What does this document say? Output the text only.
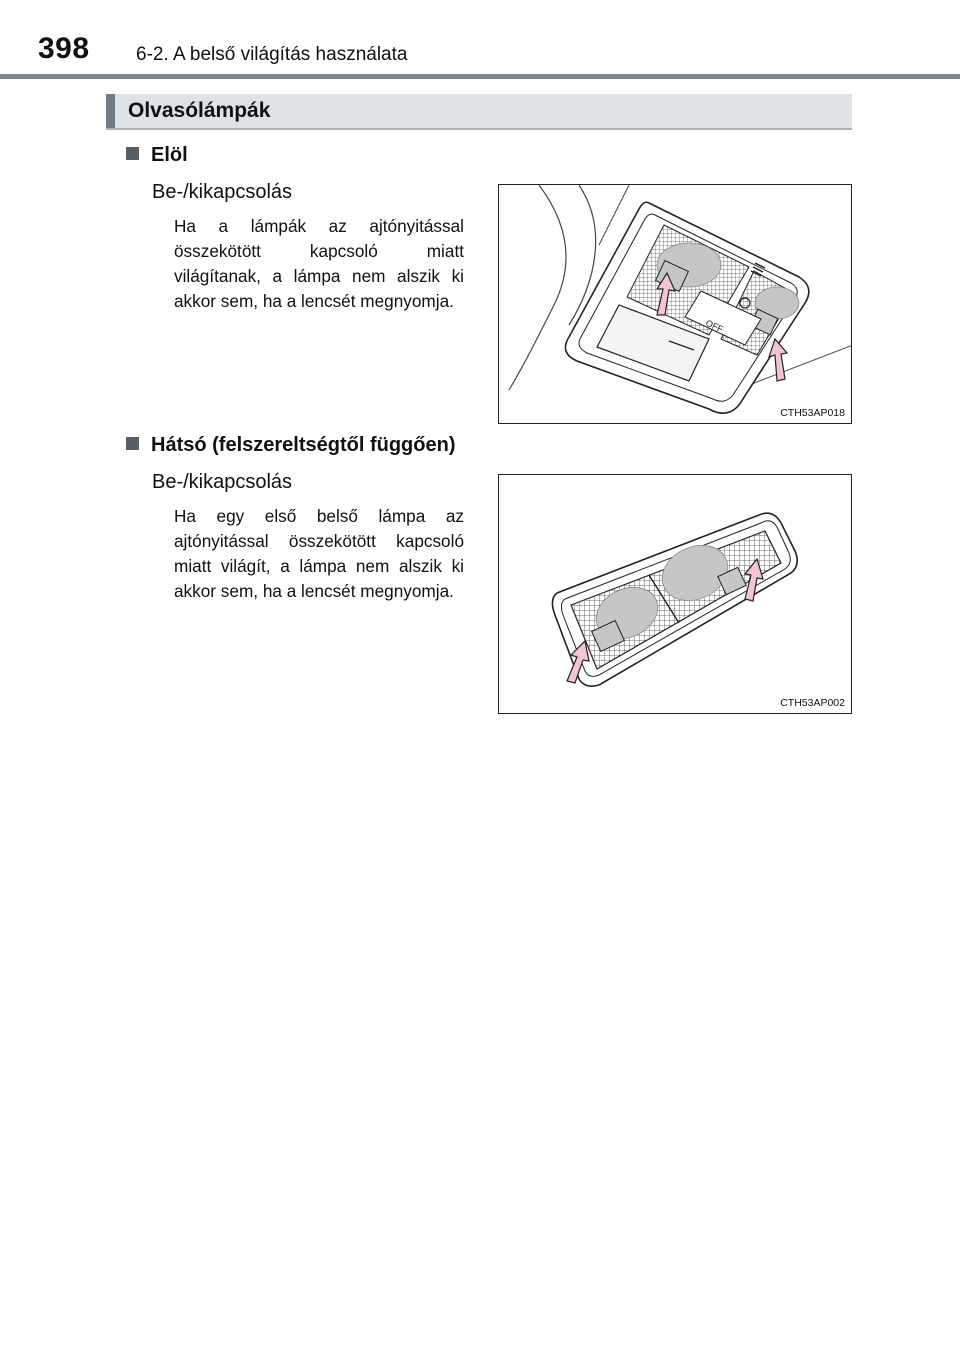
398 6-2. A belső világítás használata
Olvasólámpák
Elöl
Be-/kikapcsolás
Ha a lámpák az ajtónyitással összekötött kapcsoló miatt világítanak, a lámpa nem alszik ki akkor sem, ha a lencsét megnyomja.
OFF
CTH53AP018
Hátsó (felszereltségtől függően)
Be-/kikapcsolás
Ha egy első belső lámpa az ajtónyitással összekötött kapcsoló miatt világít, a lámpa nem alszik ki akkor sem, ha a lencsét megnyomja.
CTH53AP002
